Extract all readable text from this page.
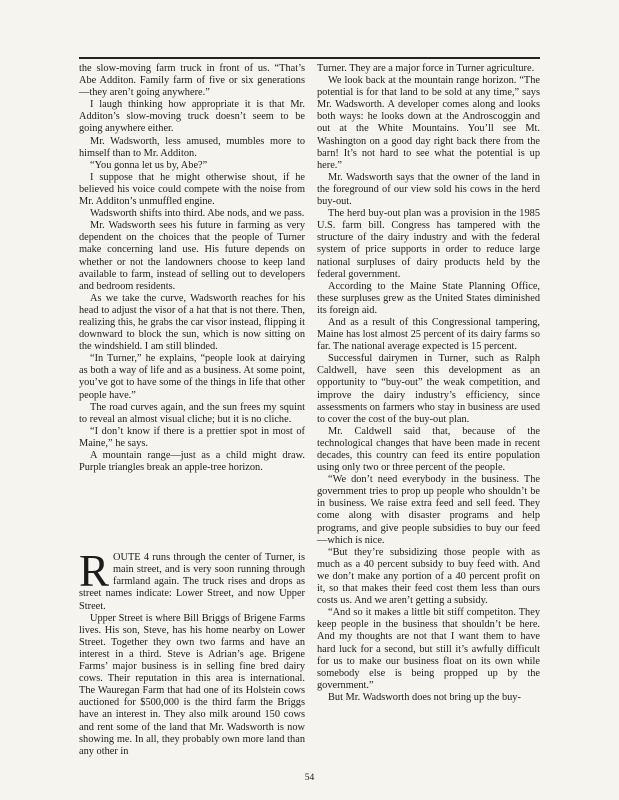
the slow-moving farm truck in front of us. “That’s Abe Additon. Family farm of five or six generations—they aren’t going anywhere.”

I laugh thinking how appropriate it is that Mr. Additon’s slow-moving truck doesn’t seem to be going anywhere either.

Mr. Wadsworth, less amused, mumbles more to himself than to Mr. Additon.

“You gonna let us by, Abe?”

I suppose that he might otherwise shout, if he believed his voice could compete with the noise from Mr. Additon’s unmuffled engine.

Wadsworth shifts into third. Abe nods, and we pass.

Mr. Wadsworth sees his future in farming as very dependent on the choices that the people of Turner make concerning land use. His future depends on whether or not the landowners choose to keep land available to farm, instead of selling out to developers and bedroom residents.

As we take the curve, Wadsworth reaches for his head to adjust the visor of a hat that is not there. Then, realizing this, he grabs the car visor instead, flipping it downward to block the sun, which is now sitting on the windshield. I am still blinded.

“In Turner,” he explains, “people look at dairying as both a way of life and as a business. At some point, you’ve got to have some of the things in life that other people have.”

The road curves again, and the sun frees my squint to reveal an almost visual cliche; but it is no cliche.

“I don’t know if there is a prettier spot in most of Maine,” he says.

A mountain range—just as a child might draw. Purple triangles break an apple-tree horizon.

ROUTE 4 runs through the center of Turner, is main street, and is very soon running through farmland again. The truck rises and drops as street names indicate: Lower Street, and now Upper Street.

Upper Street is where Bill Briggs of Brigene Farms lives. His son, Steve, has his home nearby on Lower Street. Together they own two farms and have an interest in a third. Steve is Adrian’s age. Brigene Farms’ major business is in selling fine bred dairy cows. Their reputation in this area is international. The Wauregan Farm that had one of its Holstein cows auctioned for $500,000 is the third farm the Briggs have an interest in. They also milk around 150 cows and rent some of the land that Mr. Wadsworth is now showing me. In all, they probably own more land than any other in

Turner. They are a major force in Turner agriculture.

We look back at the mountain range horizon. “The potential is for that land to be sold at any time,” says Mr. Wadsworth. A developer comes along and looks both ways: he looks down at the Androscoggin and out at the White Mountains. You’ll see Mt. Washington on a good day right back there from the barn! It’s not hard to see what the potential is up here.”

Mr. Wadsworth says that the owner of the land in the foreground of our view sold his cows in the herd buy-out.

The herd buy-out plan was a provision in the 1985 U.S. farm bill. Congress has tampered with the structure of the dairy industry and with the federal system of price supports in order to reduce large national surpluses of dairy products held by the federal government.

According to the Maine State Planning Office, these surpluses grew as the United States diminished its foreign aid.

And as a result of this Congressional tampering, Maine has lost almost 25 percent of its dairy farms so far. The national average expected is 15 percent.

Successful dairymen in Turner, such as Ralph Caldwell, have seen this development as an opportunity to “buy-out” the weak competition, and improve the dairy industry’s efficiency, since assessments on farmers who stay in business are used to cover the cost of the buy-out plan.

Mr. Caldwell said that, because of the technological changes that have been made in recent decades, this country can feed its entire population using only two or three percent of the people.

“We don’t need everybody in the business. The government tries to prop up people who shouldn’t be in business. We raise extra feed and sell feed. They come along with disaster programs and help programs, and give people subsidies to buy our feed—which is nice.

“But they’re subsidizing those people with as much as a 40 percent subsidy to buy feed with. And we don’t make any portion of a 40 percent profit on it, so that makes their feed cost them less than ours costs us. And we aren’t getting a subsidy.

“And so it makes a little bit stiff competiton. They keep people in the business that shouldn’t be here. And my thoughts are not that I want them to have hard luck for a second, but still it’s awfully difficult for us to make our business float on its own while somebody else is being propped up by the government.”

But Mr. Wadsworth does not bring up the buy-

54
